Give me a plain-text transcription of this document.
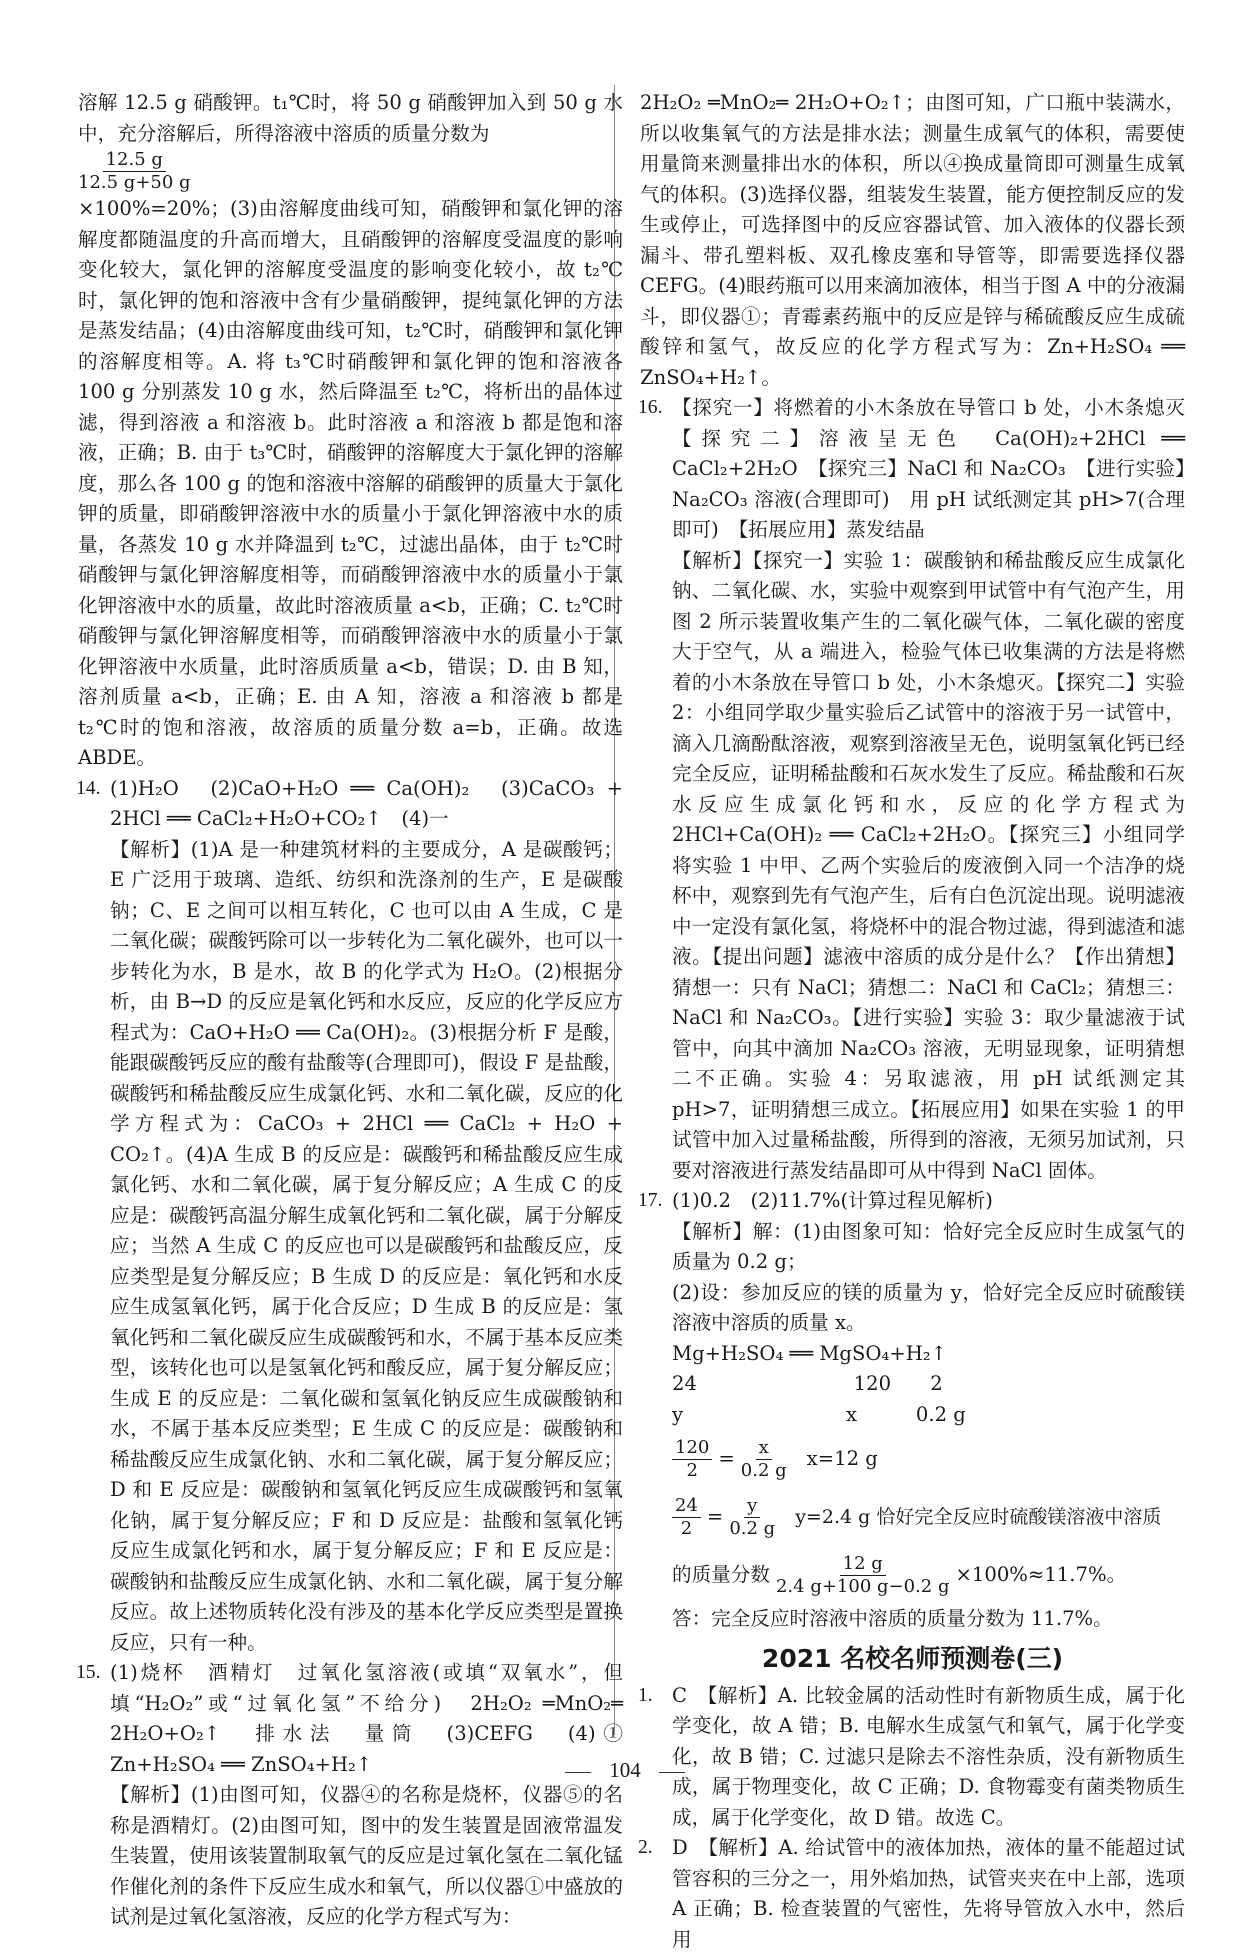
溶解 12.5 g 硝酸钾。t₁℃时，将 50 g 硝酸钾加入到 50 g 水中，充分溶解后，所得溶液中溶质的质量分数为

$\frac{12.5 g}{12.5 g+50 g}$

×100%=20%；(3)由溶解度曲线可知，硝酸钾和氯化钾的溶解度都随温度的升高而增大，且硝酸钾的溶解度受温度的影响变化较大，氯化钾的溶解度受温度的影响变化较小，故 t₂℃时，氯化钾的饱和溶液中含有少量硝酸钾，提纯氯化钾的方法是蒸发结晶；(4)由溶解度曲线可知，t₂℃时，硝酸钾和氯化钾的溶解度相等。A. 将 t₃℃时硝酸钾和氯化钾的饱和溶液各 100 g 分别蒸发 10 g 水，然后降温至 t₂℃，将析出的晶体过滤，得到溶液 a 和溶液 b。此时溶液 a 和溶液 b 都是饱和溶液，正确；B. 由于 t₃℃时，硝酸钾的溶解度大于氯化钾的溶解度，那么各 100 g 的饱和溶液中溶解的硝酸钾的质量大于氯化钾的质量，即硝酸钾溶液中水的质量小于氯化钾溶液中水的质量，各蒸发 10 g 水并降温到 t₂℃，过滤出晶体，由于 t₂℃时硝酸钾与氯化钾溶解度相等，而硝酸钾溶液中水的质量小于氯化钾溶液中水的质量，故此时溶液质量 a<b，正确；C. t₂℃时硝酸钾与氯化钾溶解度相等，而硝酸钾溶液中水的质量小于氯化钾溶液中水质量，此时溶质质量 a<b，错误；D. 由 B 知，溶剂质量 a<b，正确；E. 由 A 知，溶液 a 和溶液 b 都是 t₂℃时的饱和溶液，故溶质的质量分数 a=b，正确。故选 ABDE。

14. (1)H₂O　(2)CaO+H₂O ══ Ca(OH)₂　(3)CaCO₃ + 2HCl ══ CaCl₂+H₂O+CO₂↑　(4)一

【解析】(1)A 是一种建筑材料的主要成分，A 是碳酸钙；E 广泛用于玻璃、造纸、纺织和洗涤剂的生产，E 是碳酸钠；C、E 之间可以相互转化，C 也可以由 A 生成，C 是二氧化碳；碳酸钙除可以一步转化为二氧化碳外，也可以一步转化为水，B 是水，故 B 的化学式为 H₂O。(2)根据分析，由 B→D 的反应是氧化钙和水反应，反应的化学反应方程式为：CaO+H₂O ══ Ca(OH)₂。(3)根据分析 F 是酸，能跟碳酸钙反应的酸有盐酸等(合理即可)，假设 F 是盐酸，碳酸钙和稀盐酸反应生成氯化钙、水和二氧化碳，反应的化学方程式为：CaCO₃ + 2HCl ══ CaCl₂ + H₂O + CO₂↑。(4)A 生成 B 的反应是：碳酸钙和稀盐酸反应生成氯化钙、水和二氧化碳，属于复分解反应；A 生成 C 的反应是：碳酸钙高温分解生成氧化钙和二氧化碳，属于分解反应；当然 A 生成 C 的反应也可以是碳酸钙和盐酸反应，反应类型是复分解反应；B 生成 D 的反应是：氧化钙和水反应生成氢氧化钙，属于化合反应；D 生成 B 的反应是：氢氧化钙和二氧化碳反应生成碳酸钙和水，不属于基本反应类型，该转化也可以是氢氧化钙和酸反应，属于复分解反应；生成 E 的反应是：二氧化碳和氢氧化钠反应生成碳酸钠和水，不属于基本反应类型；E 生成 C 的反应是：碳酸钠和稀盐酸反应生成氯化钠、水和二氧化碳，属于复分解反应；D 和 E 反应是：碳酸钠和氢氧化钙反应生成碳酸钙和氢氧化钠，属于复分解反应；F 和 D 反应是：盐酸和氢氧化钙反应生成氯化钙和水，属于复分解反应；F 和 E 反应是：碳酸钠和盐酸反应生成氯化钠、水和二氧化碳，属于复分解反应。故上述物质转化没有涉及的基本化学反应类型是置换反应，只有一种。

15. (1)烧杯　酒精灯　过氧化氢溶液(或填“双氧水”，但填“H₂O₂”或“过氧化氢”不给分)　2H₂O₂ ═MnO₂═ 2H₂O+O₂↑　排水法　量筒　(3)CEFG　(4)①　Zn+H₂SO₄ ══ ZnSO₄+H₂↑

【解析】(1)由图可知，仪器④的名称是烧杯，仪器⑤的名称是酒精灯。(2)由图可知，图中的发生装置是固液常温发生装置，使用该装置制取氧气的反应是过氧化氢在二氧化锰作催化剂的条件下反应生成水和氧气，所以仪器①中盛放的试剂是过氧化氢溶液，反应的化学方程式写为：

2H₂O₂ ═MnO₂═ 2H₂O+O₂↑；由图可知，广口瓶中装满水，所以收集氧气的方法是排水法；测量生成氧气的体积，需要使用量筒来测量排出水的体积，所以④换成量筒即可测量生成氧气的体积。(3)选择仪器，组装发生装置，能方便控制反应的发生或停止，可选择图中的反应容器试管、加入液体的仪器长颈漏斗、带孔塑料板、双孔橡皮塞和导管等，即需要选择仪器 CEFG。(4)眼药瓶可以用来滴加液体，相当于图 A 中的分液漏斗，即仪器①；青霉素药瓶中的反应是锌与稀硫酸反应生成硫酸锌和氢气，故反应的化学方程式写为：Zn+H₂SO₄ ══ ZnSO₄+H₂↑。

16. 【探究一】将燃着的小木条放在导管口 b 处，小木条熄灭　【探究二】溶液呈无色　Ca(OH)₂+2HCl ══ CaCl₂+2H₂O　【探究三】NaCl 和 Na₂CO₃　【进行实验】Na₂CO₃ 溶液(合理即可)　用 pH 试纸测定其 pH>7(合理即可)　【拓展应用】蒸发结晶

【解析】【探究一】实验 1：碳酸钠和稀盐酸反应生成氯化钠、二氧化碳、水，实验中观察到甲试管中有气泡产生，用图 2 所示装置收集产生的二氧化碳气体，二氧化碳的密度大于空气，从 a 端进入，检验气体已收集满的方法是将燃着的小木条放在导管口 b 处，小木条熄灭。【探究二】实验 2：小组同学取少量实验后乙试管中的溶液于另一试管中，滴入几滴酚酞溶液，观察到溶液呈无色，说明氢氧化钙已经完全反应，证明稀盐酸和石灰水发生了反应。稀盐酸和石灰水反应生成氯化钙和水，反应的化学方程式为 2HCl+Ca(OH)₂ ══ CaCl₂+2H₂O。【探究三】小组同学将实验 1 中甲、乙两个实验后的废液倒入同一个洁净的烧杯中，观察到先有气泡产生，后有白色沉淀出现。说明滤液中一定没有氯化氢，将烧杯中的混合物过滤，得到滤渣和滤液。【提出问题】滤液中溶质的成分是什么？【作出猜想】猜想一：只有 NaCl；猜想二：NaCl 和 CaCl₂；猜想三：NaCl 和 Na₂CO₃。【进行实验】实验 3：取少量滤液于试管中，向其中滴加 Na₂CO₃ 溶液，无明显现象，证明猜想二不正确。实验 4：另取滤液，用 pH 试纸测定其 pH>7，证明猜想三成立。【拓展应用】如果在实验 1 的甲试管中加入过量稀盐酸，所得到的溶液，无须另加试剂，只要对溶液进行蒸发结晶即可从中得到 NaCl 固体。

17. (1)0.2　(2)11.7%(计算过程见解析)

【解析】解：(1)由图象可知：恰好完全反应时生成氢气的质量为 0.2 g；

(2)设：参加反应的镁的质量为 y，恰好完全反应时硫酸镁溶液中溶质的质量 x。

Mg+H₂SO₄ ══ MgSO₄+H₂↑

24　　　　　　　　120　　2

y　　　　　　　　 x　　　0.2 g

$\frac{120}{2} = \frac{x}{0.2 g} x=12$ g
$\frac{24}{2} = \frac{y}{0.2 g} y=2.4$ g 恰好完全反应时硫酸镁溶液中溶质
的质量分数 $\frac{12 g}{2.4 g+100 g-0.2 g} \times 100\%\approx 11.7\%$。

答：完全反应时溶液中溶质的质量分数为 11.7%。

2021 名校名师预测卷(三)
1. C　【解析】A. 比较金属的活动性时有新物质生成，属于化学变化，故 A 错；B. 电解水生成氢气和氧气，属于化学变化，故 B 错；C. 过滤只是除去不溶性杂质，没有新物质生成，属于物理变化，故 C 正确；D. 食物霉变有菌类物质生成，属于化学变化，故 D 错。故选 C。

2. D　【解析】A. 给试管中的液体加热，液体的量不能超过试管容积的三分之一，用外焰加热，试管夹夹在中上部，选项 A 正确；B. 检查装置的气密性，先将导管放入水中，然后用

104
